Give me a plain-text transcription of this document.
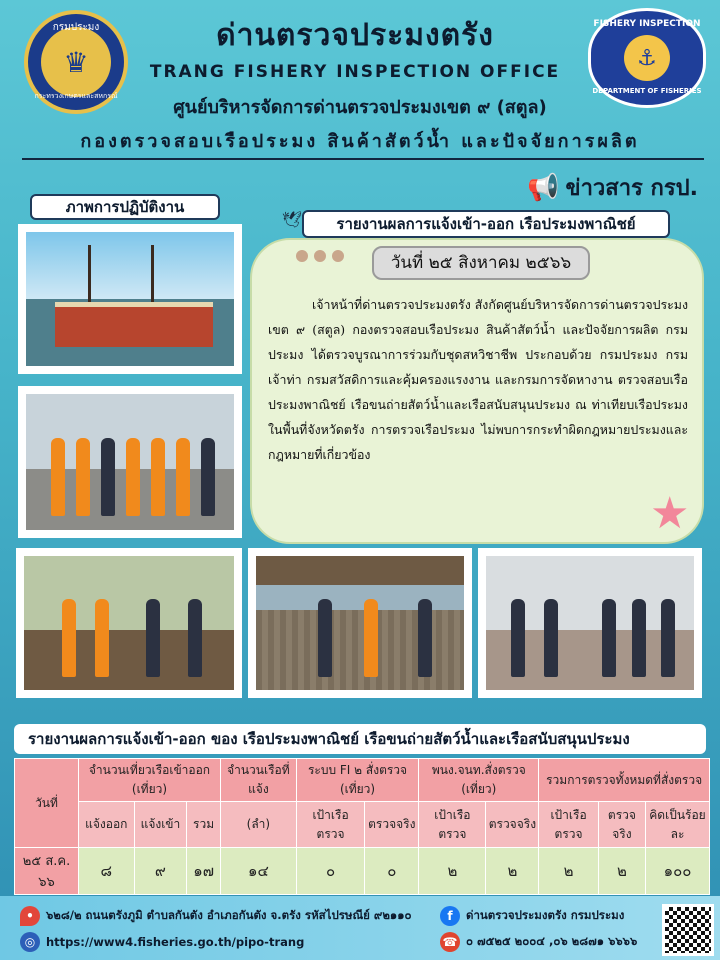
กรมประมง
♛
กระทรวงเกษตรและสหกรณ์
ด่านตรวจประมงตรัง
TRANG FISHERY INSPECTION OFFICE
ศูนย์บริหารจัดการด่านตรวจประมงเขต ๙ (สตูล)
กองตรวจสอบเรือประมง สินค้าสัตว์น้ำ และปัจจัยการผลิต
FISHERY INSPECTION
⚓
DEPARTMENT OF FISHERIES
📢 ข่าวสาร กรป.
ภาพการปฏิบัติงาน
🕊	รายงานผลการแจ้งเข้า-ออก เรือประมงพาณิชย์
วันที่ ๒๕ สิงหาคม ๒๕๖๖

เจ้าหน้าที่ด่านตรวจประมงตรัง สังกัดศูนย์บริหารจัดการด่านตรวจประมง เขต ๙ (สตูล) กองตรวจสอบเรือประมง สินค้าสัตว์น้ำ และปัจจัยการผลิต กรมประมง ได้ตรวจบูรณาการร่วมกับชุดสหวิชาชีพ ประกอบด้วย กรมประมง กรมเจ้าท่า กรมสวัสดิการและคุ้มครองแรงงาน และกรมการจัดหางาน ตรวจสอบเรือประมงพาณิชย์ เรือขนถ่ายสัตว์น้ำและเรือสนับสนุนประมง ณ ท่าเทียบเรือประมงในพื้นที่จังหวัดตรัง การตรวจเรือประมง ไม่พบการกระทำผิดกฎหมายประมงและกฎหมายที่เกี่ยวข้อง

★
รายงานผลการแจ้งเข้า-ออก ของ เรือประมงพาณิชย์ เรือขนถ่ายสัตว์น้ำและเรือสนับสนุนประมง
วันที่	จำนวนเที่ยวเรือเข้าออก (เที่ยว)			จำนวนเรือที่แจ้ง	ระบบ FI ๒ สั่งตรวจ (เที่ยว)		พนง.จนท.สั่งตรวจ (เที่ยว)		รวมการตรวจทั้งหมดที่สั่งตรวจ		
	แจ้งออก	แจ้งเข้า	รวม	(ลำ)	เป้าเรือตรวจ	ตรวจจริง	เป้าเรือตรวจ	ตรวจจริง	เป้าเรือตรวจ	ตรวจจริง	คิดเป็นร้อยละ
๒๕ ส.ค. ๖๖	๘	๙	๑๗	๑๔	๐	๐	๒	๒	๒	๒	๑๐๐
•	๖๒๘/๒ ถนนตรังภูมิ ตำบลกันตัง อำเภอกันตัง จ.ตรัง รหัสไปรษณีย์ ๙๒๑๑๐	f	ด่านตรวจประมงตรัง กรมประมง
◎ https://www4.fisheries.go.th/pipo-trang	☎ ๐ ๗๕๒๕ ๒๐๐๔ ,๐๖ ๒๘๗๑ ๖๖๖๖
